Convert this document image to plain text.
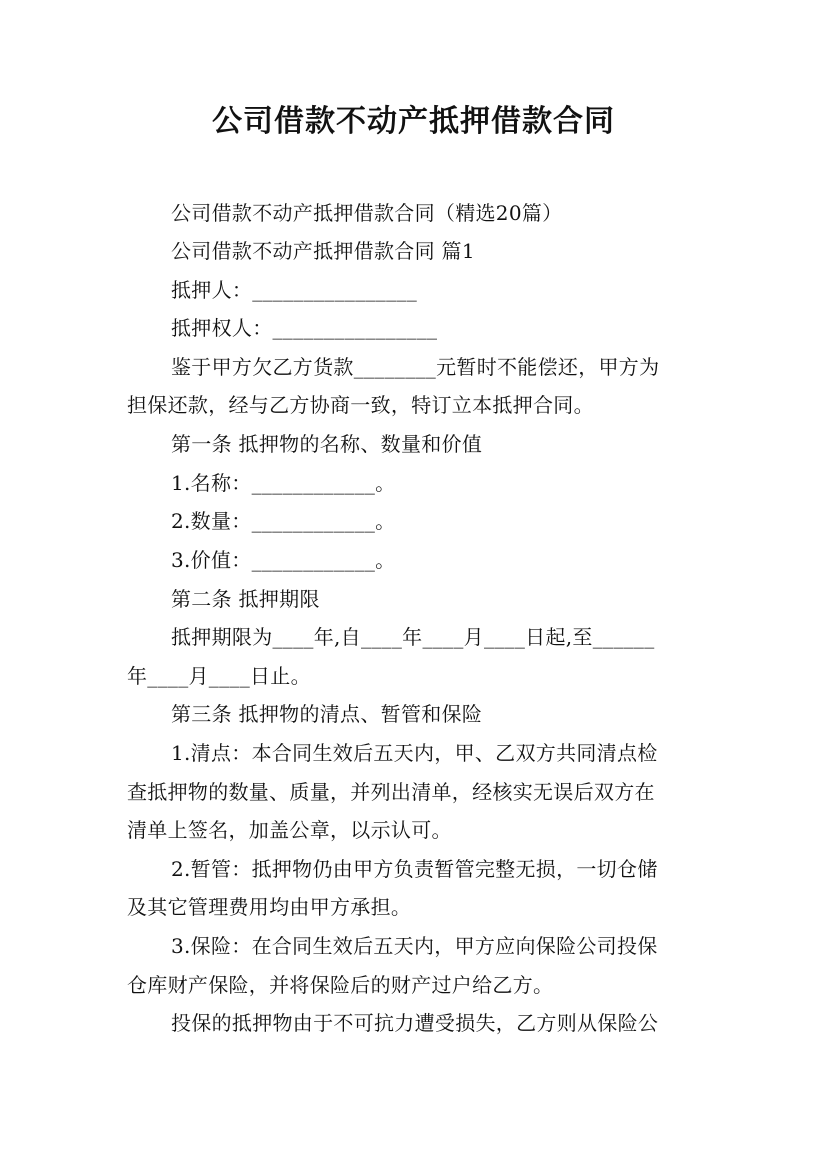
公司借款不动产抵押借款合同
公司借款不动产抵押借款合同（精选20篇）
公司借款不动产抵押借款合同 篇1
抵押人：________________
抵押权人：________________
鉴于甲方欠乙方货款________元暂时不能偿还，甲方为
担保还款，经与乙方协商一致，特订立本抵押合同。
第一条 抵押物的名称、数量和价值
1.名称：____________。
2.数量：____________。
3.价值：____________。
第二条 抵押期限
抵押期限为____年,自____年____月____日起,至______
年____月____日止。
第三条 抵押物的清点、暂管和保险
1.清点：本合同生效后五天内，甲、乙双方共同清点检
查抵押物的数量、质量，并列出清单，经核实无误后双方在
清单上签名，加盖公章，以示认可。
2.暂管：抵押物仍由甲方负责暂管完整无损，一切仓储
及其它管理费用均由甲方承担。
3.保险：在合同生效后五天内，甲方应向保险公司投保
仓库财产保险，并将保险后的财产过户给乙方。
投保的抵押物由于不可抗力遭受损失，乙方则从保险公
